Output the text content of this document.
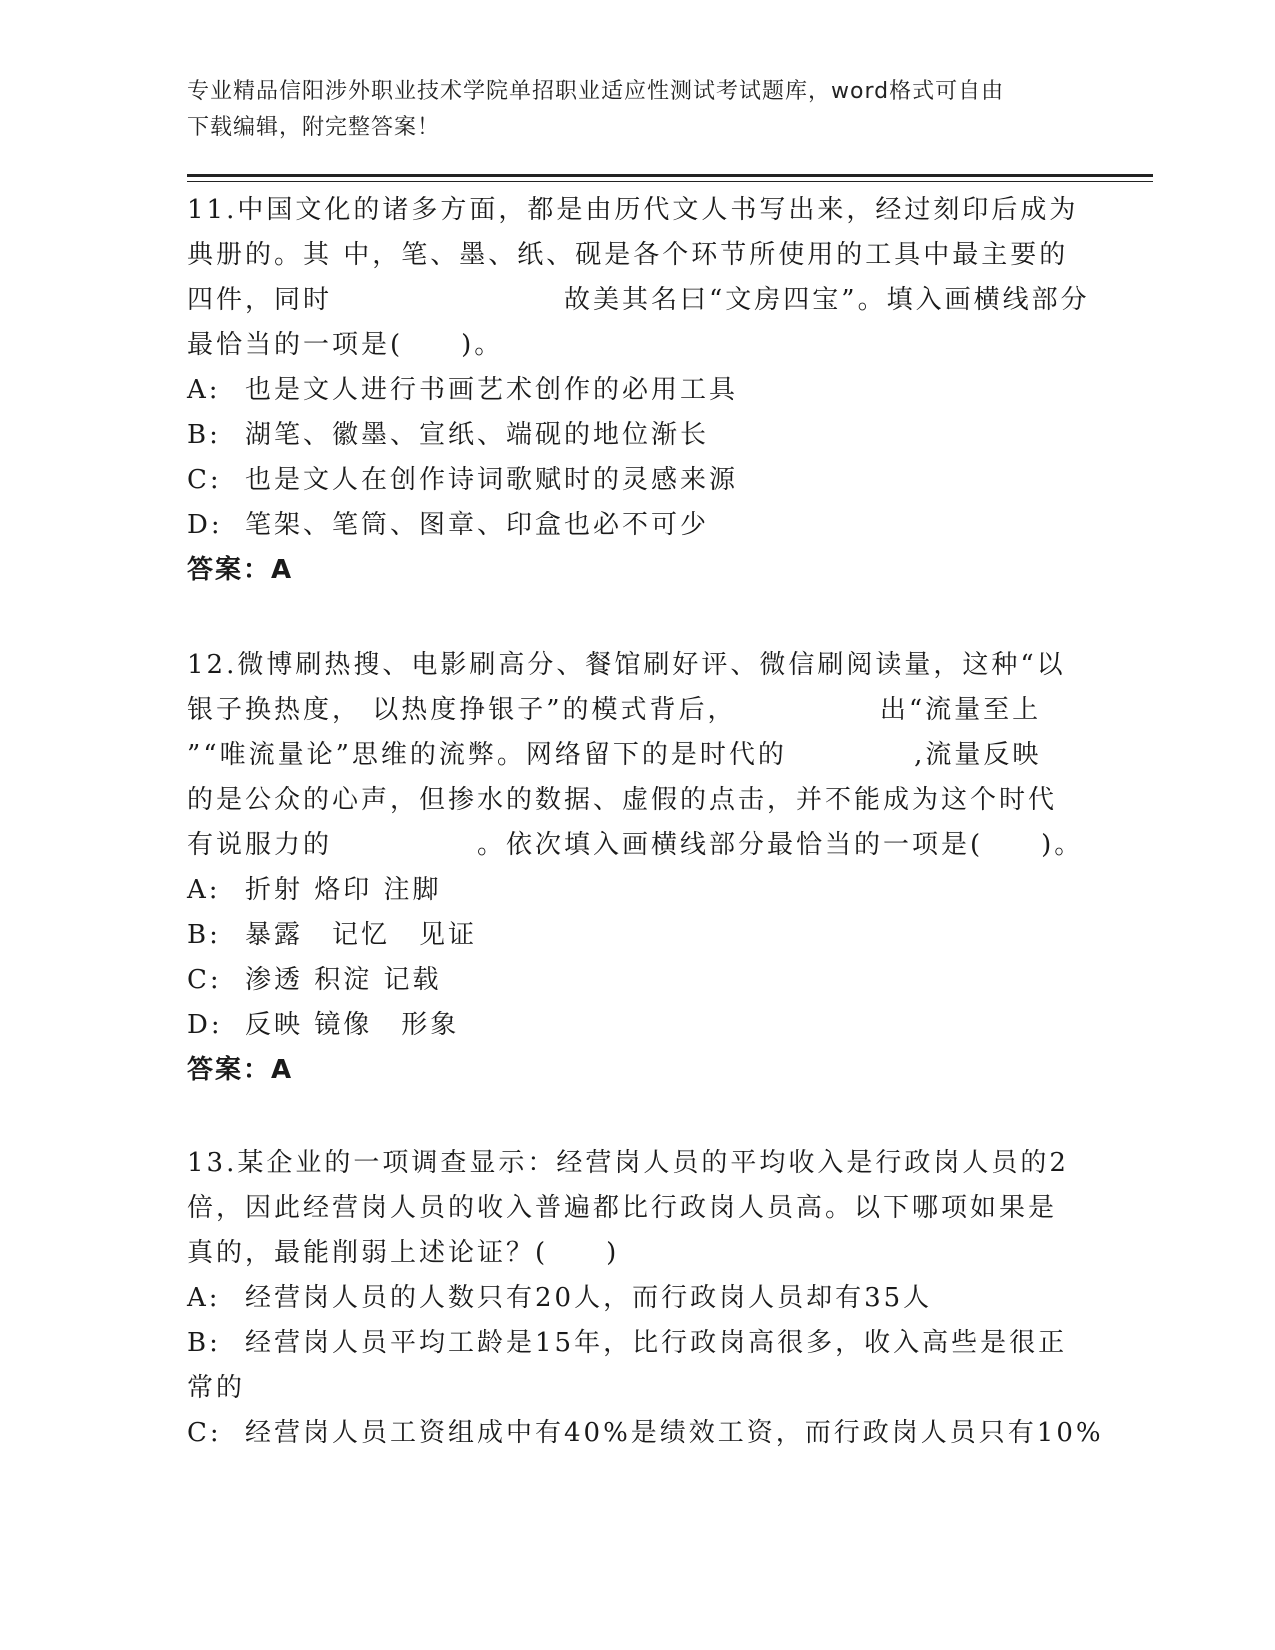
专业精品信阳涉外职业技术学院单招职业适应性测试考试题库，word格式可自由
下载编辑，附完整答案！

11.中国文化的诸多方面，都是由历代文人书写出来，经过刻印后成为

典册的。其 中，笔、墨、纸、砚是各个环节所使用的工具中最主要的

四件，同时　　　　　　　　故美其名曰“文房四宝”。填入画横线部分

最恰当的一项是(　　)。

A: 也是文人进行书画艺术创作的必用工具
B: 湖笔、徽墨、宣纸、端砚的地位渐长
C: 也是文人在创作诗词歌赋时的灵感来源
D: 笔架、笔筒、图章、印盒也必不可少
答案：A

12.微博刷热搜、电影刷高分、餐馆刷好评、微信刷阅读量，这种“以

银子换热度， 以热度挣银子”的模式背后，　　　　　 出“流量至上

”“唯流量论”思维的流弊。网络留下的是时代的　　　　 ,流量反映

的是公众的心声，但掺水的数据、虚假的点击，并不能成为这个时代

有说服力的　　　　　。依次填入画横线部分最恰当的一项是(　　)。

A: 折射 烙印 注脚
B: 暴露　记忆　见证
C: 渗透 积淀 记载
D: 反映 镜像　形象
答案：A

13.某企业的一项调查显示：经营岗人员的平均收入是行政岗人员的2

倍，因此经营岗人员的收入普遍都比行政岗人员高。以下哪项如果是

真的，最能削弱上述论证？(　　)

A: 经营岗人员的人数只有20人，而行政岗人员却有35人
B: 经营岗人员平均工龄是15年，比行政岗高很多，收入高些是很正
常的
C: 经营岗人员工资组成中有40%是绩效工资，而行政岗人员只有10%
